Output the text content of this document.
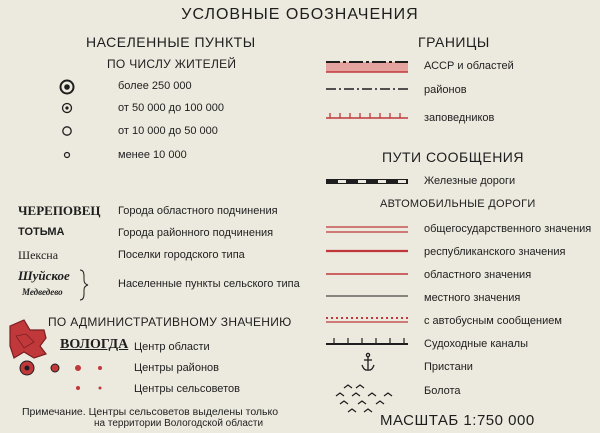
УСЛОВНЫЕ ОБОЗНАЧЕНИЯ
НАСЕЛЕННЫЕ ПУНКТЫ
ПО ЧИСЛУ ЖИТЕЛЕЙ
более 250 000
от 50 000 до 100 000
от 10 000 до 50 000
менее 10 000
ЧЕРЕПОВЕЦ Города областного подчинения
ТОТЬМА	Города районного подчинения
Шексна	Поселки городского типа
Шуйское
Медведево
Населенные пункты сельского типа
ПО АДМИНИСТРАТИВНОМУ ЗНАЧЕНИЮ
ВОЛОГДА Центр области
Центры районов
Центры сельсоветов
Примечание. Центры сельсоветов выделены только
на территории Вологодской области
ГРАНИЦЫ
АССР и областей
районов
заповедников
ПУТИ СООБЩЕНИЯ
Железные дороги
АВТОМОБИЛЬНЫЕ ДОРОГИ
общегосударственного значения
республиканского значения
областного значения
местного значения
с автобусным сообщением
Судоходные каналы
Пристани
Болота
МАСШТАБ 1:750 000
